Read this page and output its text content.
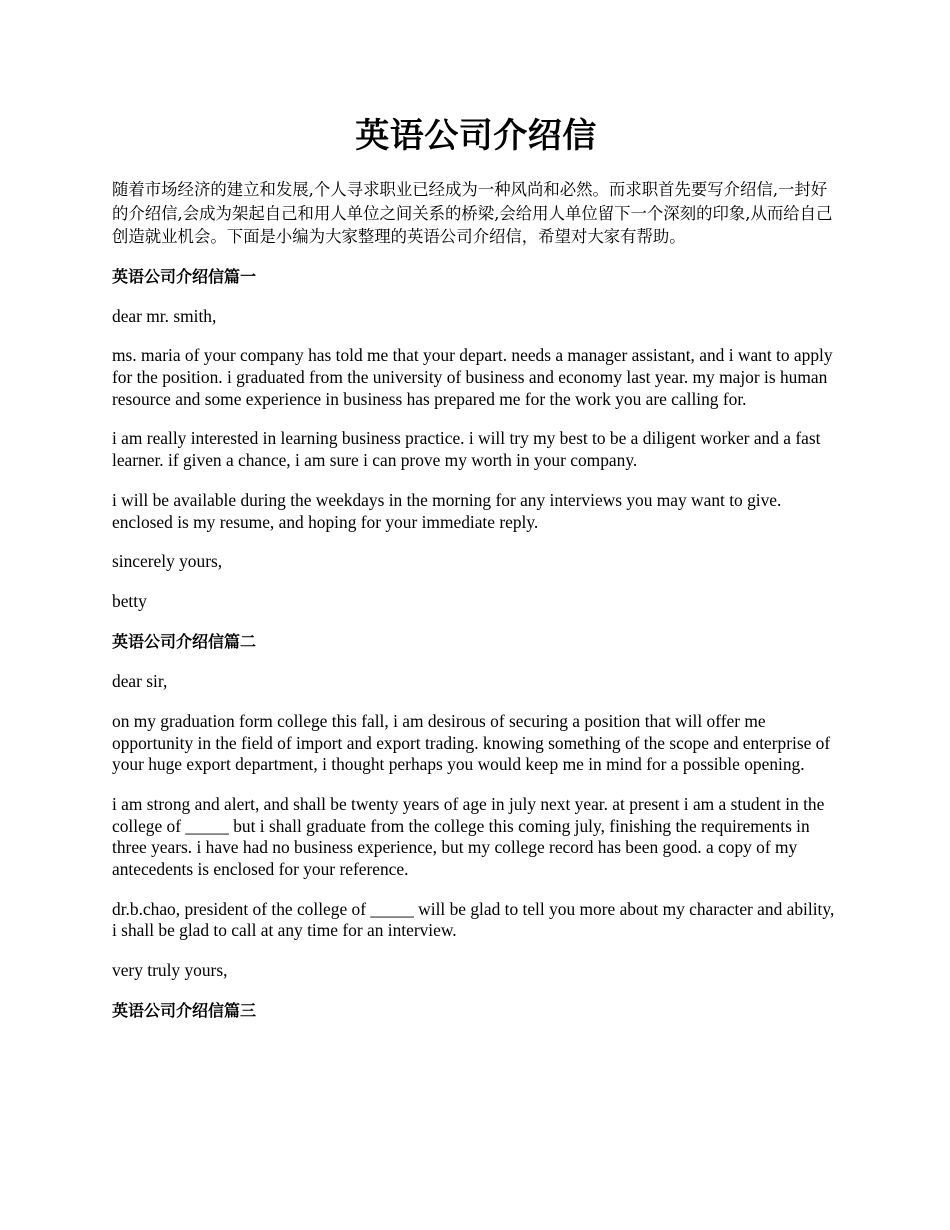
英语公司介绍信

随着市场经济的建立和发展,个人寻求职业已经成为一种风尚和必然。而求职首先要写介绍信,一封好的介绍信,会成为架起自己和用人单位之间关系的桥梁,会给用人单位留下一个深刻的印象,从而给自己创造就业机会。下面是小编为大家整理的英语公司介绍信，希望对大家有帮助。

英语公司介绍信篇一

dear mr. smith,

ms. maria of your company has told me that your depart. needs a manager assistant, and i want to apply for the position. i graduated from the university of business and economy last year. my major is human resource and some experience in business has prepared me for the work you are calling for.

i am really interested in learning business practice. i will try my best to be a diligent worker and a fast learner. if given a chance, i am sure i can prove my worth in your company.

i will be available during the weekdays in the morning for any interviews you may want to give. enclosed is my resume, and hoping for your immediate reply.

sincerely yours,

betty

英语公司介绍信篇二

dear sir,

on my graduation form college this fall, i am desirous of securing a position that will offer me opportunity in the field of import and export trading. knowing something of the scope and enterprise of your huge export department, i thought perhaps you would keep me in mind for a possible opening.

i am strong and alert, and shall be twenty years of age in july next year. at present i am a student in the college of _____ but i shall graduate from the college this coming july, finishing the requirements in three years. i have had no business experience, but my college record has been good. a copy of my antecedents is enclosed for your reference.

dr.b.chao, president of the college of _____ will be glad to tell you more about my character and ability, i shall be glad to call at any time for an interview.

very truly yours,

英语公司介绍信篇三
